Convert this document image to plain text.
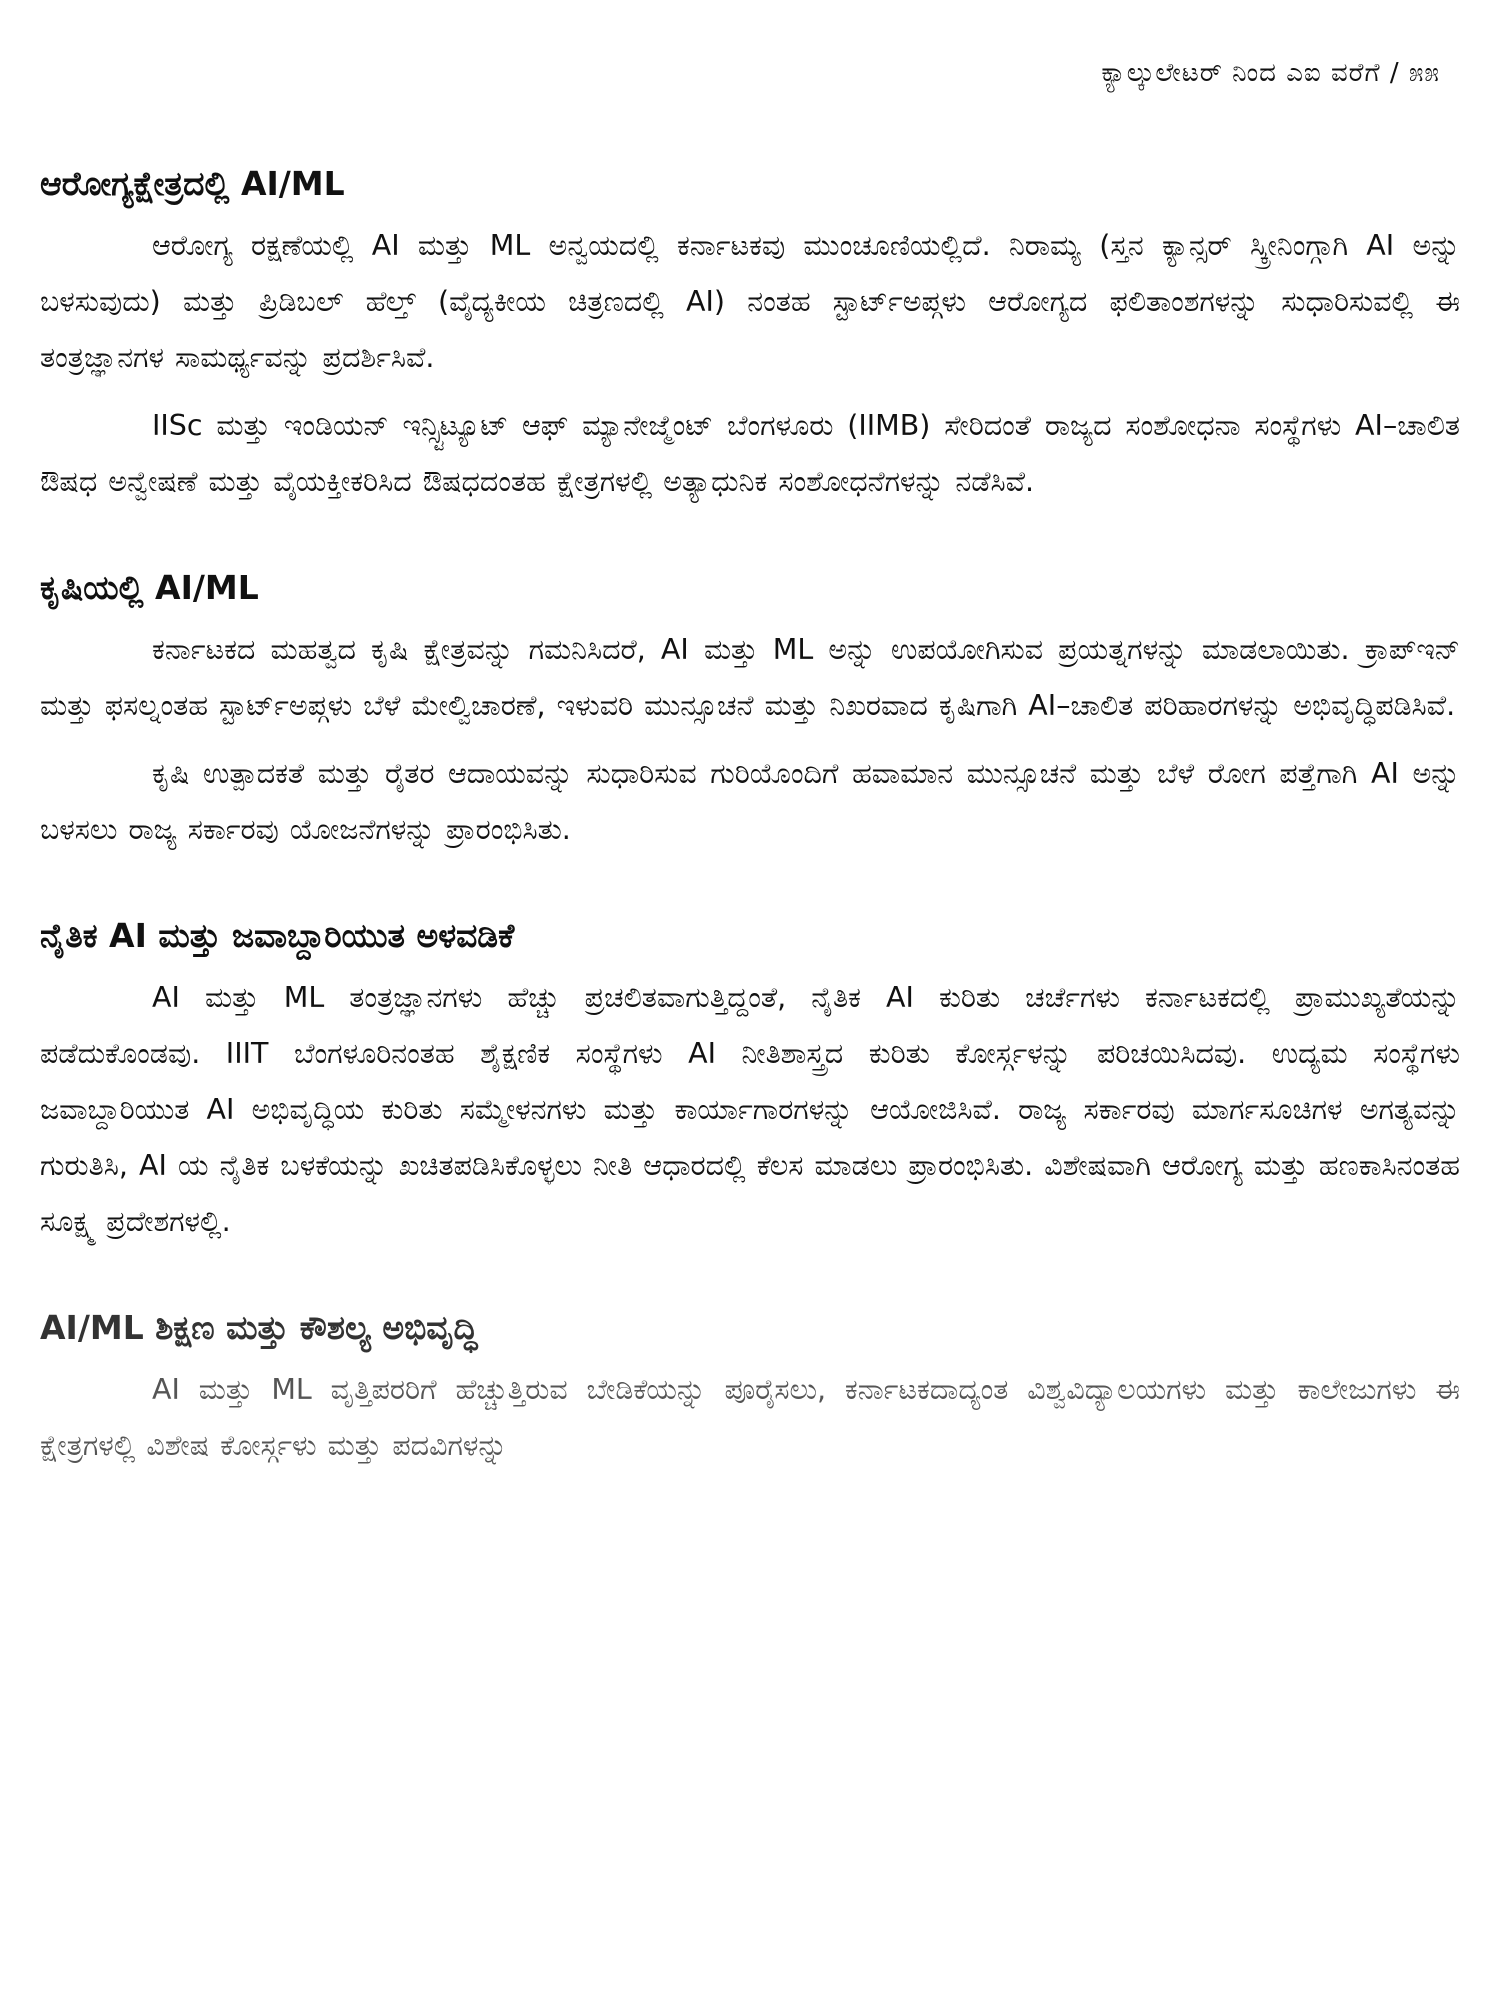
ಕ್ಯಾಲ್ಕುಲೇಟರ್ ನಿಂದ ಎಐ ವರೆಗೆ / ೫೫
ಆರೋಗ್ಯಕ್ಷೇತ್ರದಲ್ಲಿ AI/ML

ಆರೋಗ್ಯ ರಕ್ಷಣೆಯಲ್ಲಿ AI ಮತ್ತು ML ಅನ್ವಯದಲ್ಲಿ ಕರ್ನಾಟಕವು ಮುಂಚೂಣಿಯಲ್ಲಿದೆ. ನಿರಾಮ್ಯ (ಸ್ತನ ಕ್ಯಾನ್ಸರ್ ಸ್ಕ್ರೀನಿಂಗ್ಗಾಗಿ AI ಅನ್ನು ಬಳಸುವುದು) ಮತ್ತು ಪ್ರಿಡಿಬಲ್ ಹೆಲ್ತ್ (ವೈದ್ಯಕೀಯ ಚಿತ್ರಣದಲ್ಲಿ AI) ನಂತಹ ಸ್ಟಾರ್ಟ್‌ಅಪ್ಗಳು ಆರೋಗ್ಯದ ಫಲಿತಾಂಶಗಳನ್ನು ಸುಧಾರಿಸುವಲ್ಲಿ ಈ ತಂತ್ರಜ್ಞಾನಗಳ ಸಾಮರ್ಥ್ಯವನ್ನು ಪ್ರದರ್ಶಿಸಿವೆ.

IISc ಮತ್ತು ಇಂಡಿಯನ್ ಇನ್ಸ್ಟಿಟ್ಯೂಟ್ ಆಫ್ ಮ್ಯಾನೇಜ್ಮೆಂಟ್ ಬೆಂಗಳೂರು (IIMB) ಸೇರಿದಂತೆ ರಾಜ್ಯದ ಸಂಶೋಧನಾ ಸಂಸ್ಥೆಗಳು AI–ಚಾಲಿತ ಔಷಧ ಅನ್ವೇಷಣೆ ಮತ್ತು ವೈಯಕ್ತೀಕರಿಸಿದ ಔಷಧದಂತಹ ಕ್ಷೇತ್ರಗಳಲ್ಲಿ ಅತ್ಯಾಧುನಿಕ ಸಂಶೋಧನೆಗಳನ್ನು ನಡೆಸಿವೆ.

ಕೃಷಿಯಲ್ಲಿ AI/ML

ಕರ್ನಾಟಕದ ಮಹತ್ವದ ಕೃಷಿ ಕ್ಷೇತ್ರವನ್ನು ಗಮನಿಸಿದರೆ, AI ಮತ್ತು ML ಅನ್ನು ಉಪಯೋಗಿಸುವ ಪ್ರಯತ್ನಗಳನ್ನು ಮಾಡಲಾಯಿತು. ಕ್ರಾಪ್ಇನ್ ಮತ್ತು ಫಸಲ್ನಂತಹ ಸ್ಟಾರ್ಟ್‌ಅಪ್ಗಳು ಬೆಳೆ ಮೇಲ್ವಿಚಾರಣೆ, ಇಳುವರಿ ಮುನ್ಸೂಚನೆ ಮತ್ತು ನಿಖರವಾದ ಕೃಷಿಗಾಗಿ AI–ಚಾಲಿತ ಪರಿಹಾರಗಳನ್ನು ಅಭಿವೃದ್ಧಿಪಡಿಸಿವೆ.

ಕೃಷಿ ಉತ್ಪಾದಕತೆ ಮತ್ತು ರೈತರ ಆದಾಯವನ್ನು ಸುಧಾರಿಸುವ ಗುರಿಯೊಂದಿಗೆ ಹವಾಮಾನ ಮುನ್ಸೂಚನೆ ಮತ್ತು ಬೆಳೆ ರೋಗ ಪತ್ತೆಗಾಗಿ AI ಅನ್ನು ಬಳಸಲು ರಾಜ್ಯ ಸರ್ಕಾರವು ಯೋಜನೆಗಳನ್ನು ಪ್ರಾರಂಭಿಸಿತು.

ನೈತಿಕ AI ಮತ್ತು ಜವಾಬ್ದಾರಿಯುತ ಅಳವಡಿಕೆ

AI ಮತ್ತು ML ತಂತ್ರಜ್ಞಾನಗಳು ಹೆಚ್ಚು ಪ್ರಚಲಿತವಾಗುತ್ತಿದ್ದಂತೆ, ನೈತಿಕ AI ಕುರಿತು ಚರ್ಚೆಗಳು ಕರ್ನಾಟಕದಲ್ಲಿ ಪ್ರಾಮುಖ್ಯತೆಯನ್ನು ಪಡೆದುಕೊಂಡವು. IIIT ಬೆಂಗಳೂರಿನಂತಹ ಶೈಕ್ಷಣಿಕ ಸಂಸ್ಥೆಗಳು AI ನೀತಿಶಾಸ್ತ್ರದ ಕುರಿತು ಕೋರ್ಸ್ಗಳನ್ನು ಪರಿಚಯಿಸಿದವು. ಉದ್ಯಮ ಸಂಸ್ಥೆಗಳು ಜವಾಬ್ದಾರಿಯುತ AI ಅಭಿವೃದ್ಧಿಯ ಕುರಿತು ಸಮ್ಮೇಳನಗಳು ಮತ್ತು ಕಾರ್ಯಾಗಾರಗಳನ್ನು ಆಯೋಜಿಸಿವೆ. ರಾಜ್ಯ ಸರ್ಕಾರವು ಮಾರ್ಗಸೂಚಿಗಳ ಅಗತ್ಯವನ್ನು ಗುರುತಿಸಿ, AI ಯ ನೈತಿಕ ಬಳಕೆಯನ್ನು ಖಚಿತಪಡಿಸಿಕೊಳ್ಳಲು ನೀತಿ ಆಧಾರದಲ್ಲಿ ಕೆಲಸ ಮಾಡಲು ಪ್ರಾರಂಭಿಸಿತು. ವಿಶೇಷವಾಗಿ ಆರೋಗ್ಯ ಮತ್ತು ಹಣಕಾಸಿನಂತಹ ಸೂಕ್ಷ್ಮ ಪ್ರದೇಶಗಳಲ್ಲಿ.

AI/ML ಶಿಕ್ಷಣ ಮತ್ತು ಕೌಶಲ್ಯ ಅಭಿವೃದ್ಧಿ

AI ಮತ್ತು ML ವೃತ್ತಿಪರರಿಗೆ ಹೆಚ್ಚುತ್ತಿರುವ ಬೇಡಿಕೆಯನ್ನು ಪೂರೈಸಲು, ಕರ್ನಾಟಕದಾದ್ಯಂತ ವಿಶ್ವವಿದ್ಯಾಲಯಗಳು ಮತ್ತು ಕಾಲೇಜುಗಳು ಈ ಕ್ಷೇತ್ರಗಳಲ್ಲಿ ವಿಶೇಷ ಕೋರ್ಸ್ಗಳು ಮತ್ತು ಪದವಿಗಳನ್ನು
